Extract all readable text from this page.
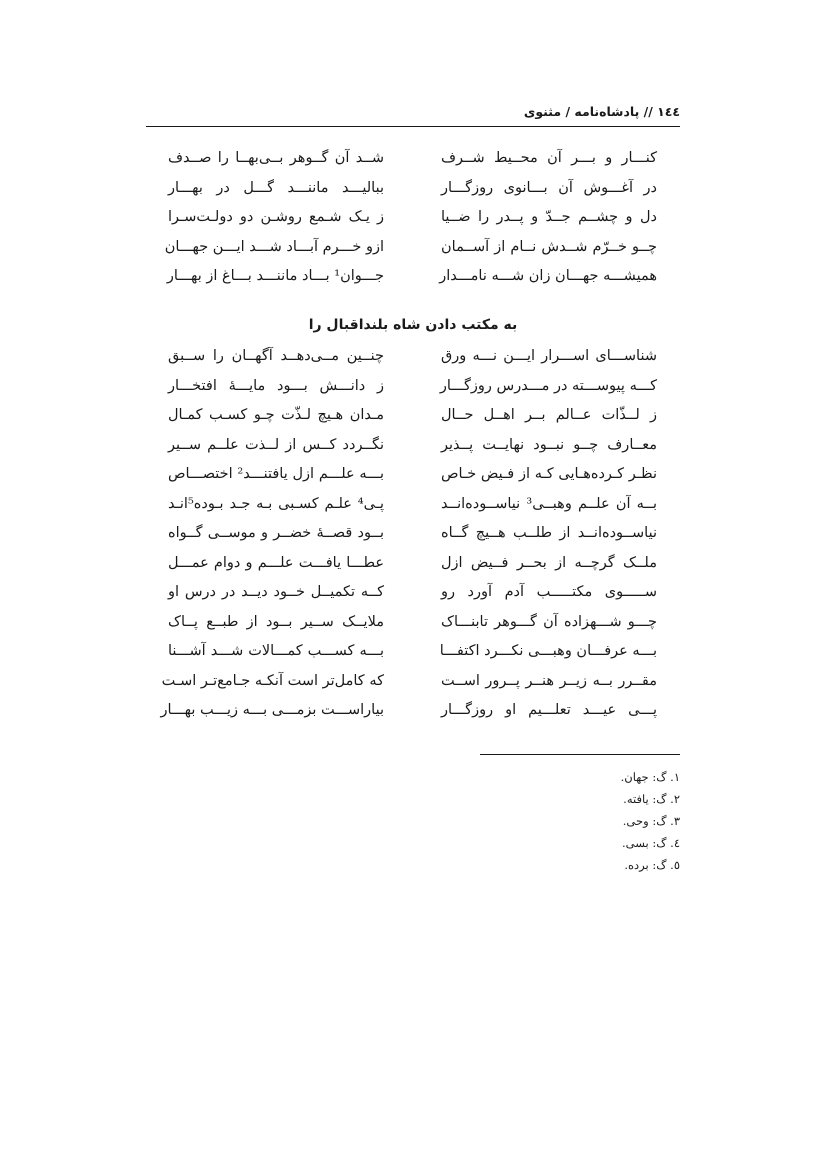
١٤٤ // پادشاه‌نامه / مثنوی
کنـــار و بـــر آن محــیط شــرف
شــد آن گــوهر بــی‌بهــا را صــدف
در آغـــوش آن بـــانوی روزگـــار
ببالیـــد ماننـــد گـــل در بهـــار
دل و چشــم جــدّ و پــدر را ضــیا
ز یـک شـمع روشـن دو دولـت‌سـرا
چــو خــرّم شــدش نــام از آســمان
ازو خـــرم آبـــاد شـــد ایـــن جهـــان
همیشـــه جهـــان زان شـــه نامـــدار
جـــوان¹ بـــاد ماننـــد بـــاغ از بهـــار
به مکتب دادن شاه بلنداقبال را
شناســـای اســـرار ایـــن نـــه ورق
چنــین مــی‌دهــد آگهــان را ســبق
کـــه پیوســـته در مـــدرس روزگـــار
ز دانـــش بـــود مایـــهٔ افتخـــار
ز لــذّات عــالم بــر اهــل حــال
مـدان هـیچ لـذّت چـو کسـب کمـال
معــارف چــو نبــود نهایــت پــذیر
نگــردد کــس از لــذت علــم ســیر
نظـر کـرده‌هـایی کـه از فـیض خـاص
بـــه علـــم ازل یافتنـــد² اختصـــاص
بــه آن علــم وهبــی³ نیاســوده‌انــد
پـی⁴ علـم کسـبی بـه جـد بـوده⁵انـد
نیاســوده‌انــد از طلــب هــیچ گــاه
بــود قصــهٔ خضــر و موســی گــواه
ملــک گرچــه از بحــر فــیض ازل
عطـــا یافـــت علـــم و دوام عمـــل
ســـــوی مکتـــــب آدم آورد رو
کــه تکمیــل خــود دیــد در درس او
چـــو شـــهزاده آن گـــوهر تابنـــاک
ملایــک ســیر بــود از طبــع پــاک
بـــه عرفـــان وهبـــی نکـــرد اکتفـــا
بـــه کســـب کمـــالات شـــد آشـــنا
مقــرر بــه زیــر هنــر پــرور اســت
که کامل‌تر است آنکـه جـامع‌تـر اسـت
پـــی عیـــد تعلـــیم او روزگـــار
بیاراســـت بزمـــی بـــه زیـــب بهـــار
١. گ: جهان.
٢. گ: یافته.
٣. گ: وحی.
٤. گ: بسی.
٥. گ: برده.
